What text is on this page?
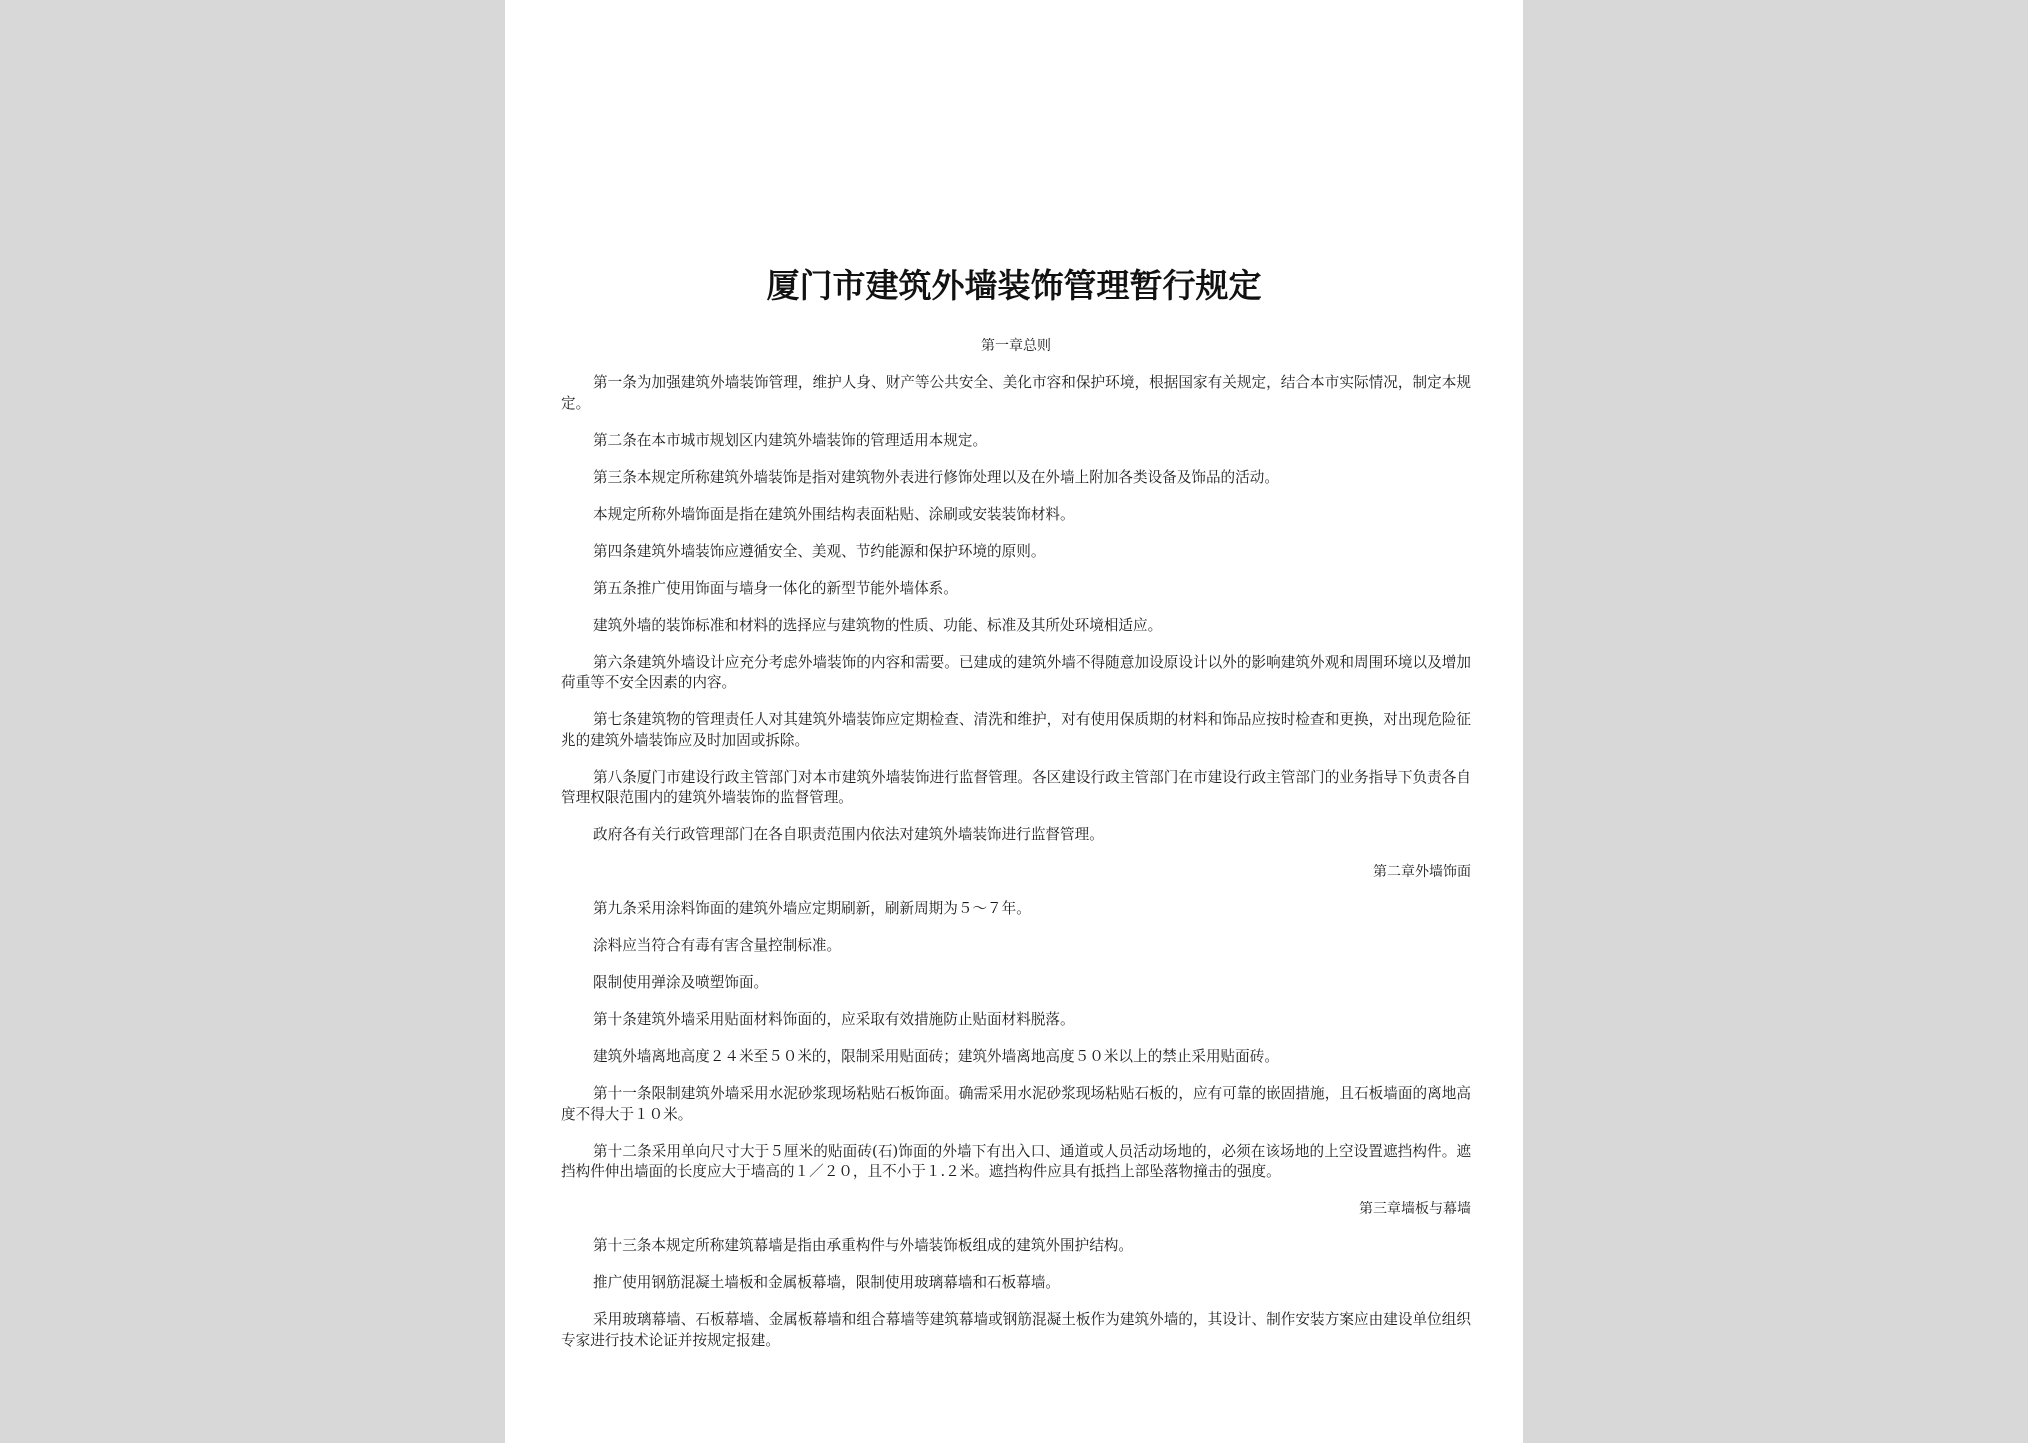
厦门市建筑外墙装饰管理暂行规定

第一章总则

第一条为加强建筑外墙装饰管理，维护人身、财产等公共安全、美化市容和保护环境，根据国家有关规定，结合本市实际情况，制定本规定。

第二条在本市城市规划区内建筑外墙装饰的管理适用本规定。

第三条本规定所称建筑外墙装饰是指对建筑物外表进行修饰处理以及在外墙上附加各类设备及饰品的活动。

本规定所称外墙饰面是指在建筑外围结构表面粘贴、涂刷或安装装饰材料。

第四条建筑外墙装饰应遵循安全、美观、节约能源和保护环境的原则。

第五条推广使用饰面与墙身一体化的新型节能外墙体系。

建筑外墙的装饰标准和材料的选择应与建筑物的性质、功能、标准及其所处环境相适应。

第六条建筑外墙设计应充分考虑外墙装饰的内容和需要。已建成的建筑外墙不得随意加设原设计以外的影响建筑外观和周围环境以及增加荷重等不安全因素的内容。

第七条建筑物的管理责任人对其建筑外墙装饰应定期检查、清洗和维护，对有使用保质期的材料和饰品应按时检查和更换，对出现危险征兆的建筑外墙装饰应及时加固或拆除。

第八条厦门市建设行政主管部门对本市建筑外墙装饰进行监督管理。各区建设行政主管部门在市建设行政主管部门的业务指导下负责各自管理权限范围内的建筑外墙装饰的监督管理。

政府各有关行政管理部门在各自职责范围内依法对建筑外墙装饰进行监督管理。

第二章外墙饰面

第九条采用涂料饰面的建筑外墙应定期刷新，刷新周期为５～７年。

涂料应当符合有毒有害含量控制标准。

限制使用弹涂及喷塑饰面。

第十条建筑外墙采用贴面材料饰面的，应采取有效措施防止贴面材料脱落。

建筑外墙离地高度２４米至５０米的，限制采用贴面砖；建筑外墙离地高度５０米以上的禁止采用贴面砖。

第十一条限制建筑外墙采用水泥砂浆现场粘贴石板饰面。确需采用水泥砂浆现场粘贴石板的，应有可靠的嵌固措施，且石板墙面的离地高度不得大于１０米。

第十二条采用单向尺寸大于５厘米的贴面砖(石)饰面的外墙下有出入口、通道或人员活动场地的，必须在该场地的上空设置遮挡构件。遮挡构件伸出墙面的长度应大于墙高的１／２０，且不小于１.２米。遮挡构件应具有抵挡上部坠落物撞击的强度。

第三章墙板与幕墙

第十三条本规定所称建筑幕墙是指由承重构件与外墙装饰板组成的建筑外围护结构。

推广使用钢筋混凝土墙板和金属板幕墙，限制使用玻璃幕墙和石板幕墙。

采用玻璃幕墙、石板幕墙、金属板幕墙和组合幕墙等建筑幕墙或钢筋混凝土板作为建筑外墙的，其设计、制作安装方案应由建设单位组织专家进行技术论证并按规定报建。
